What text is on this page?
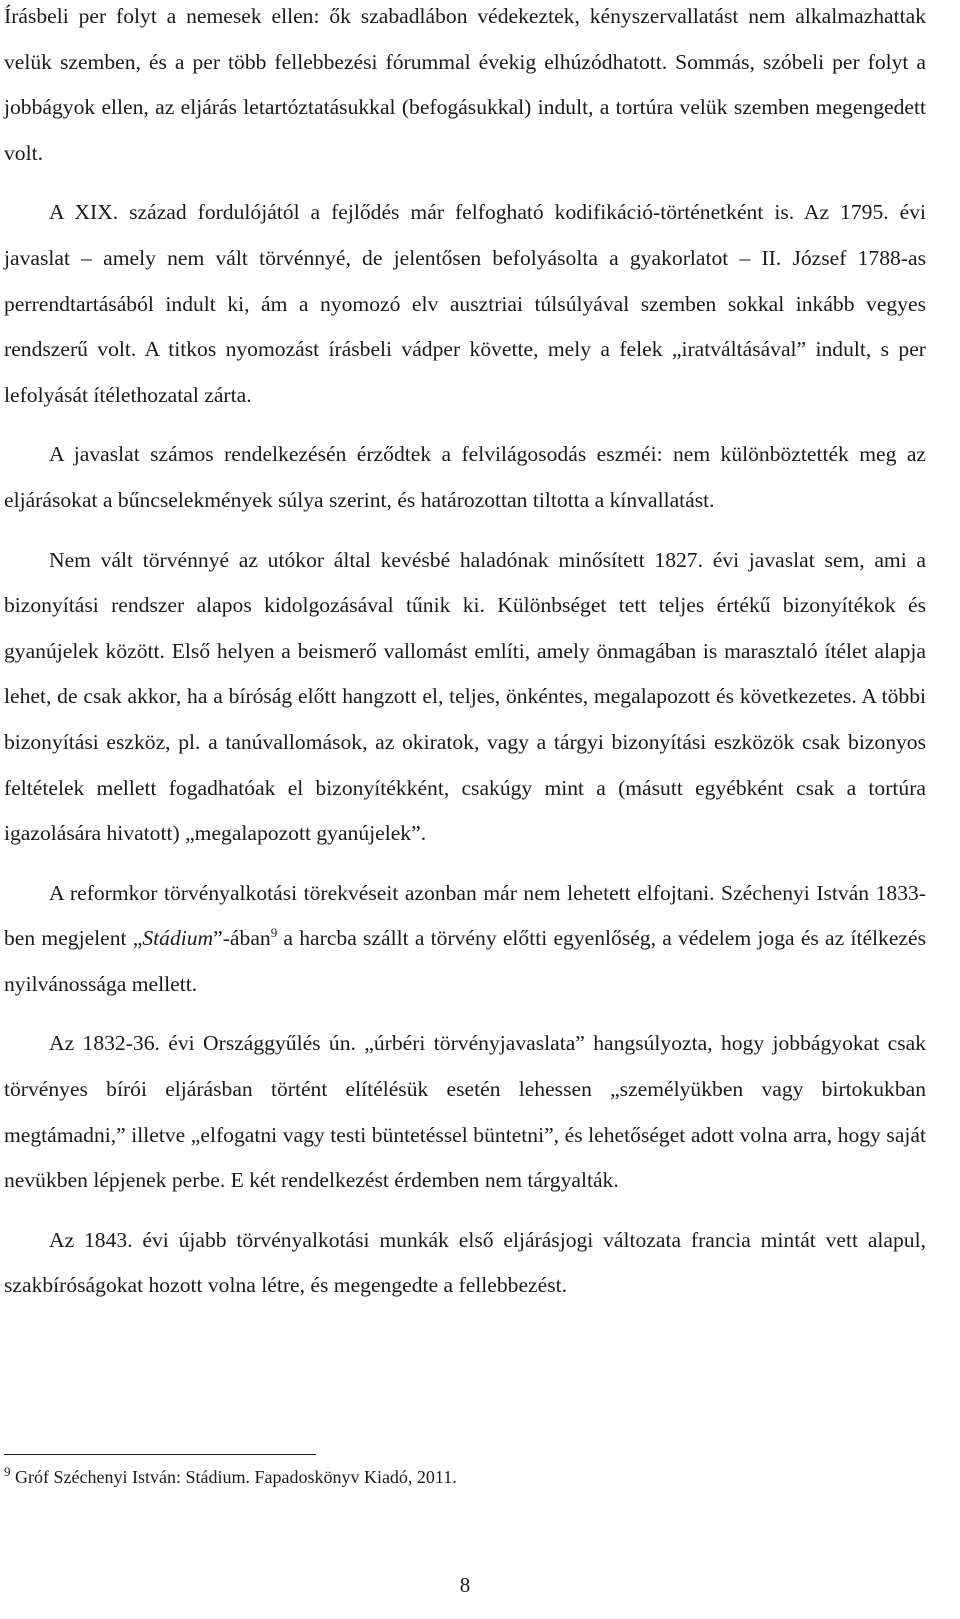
Írásbeli per folyt a nemesek ellen: ők szabadlábon védekeztek, kényszervallatást nem alkalmazhattak velük szemben, és a per több fellebbezési fórummal évekig elhúzódhatott. Sommás, szóbeli per folyt a jobbágyok ellen, az eljárás letartóztatásukkal (befogásukkal) indult, a tortúra velük szemben megengedett volt.

A XIX. század fordulójától a fejlődés már felfogható kodifikáció-történetként is. Az 1795. évi javaslat – amely nem vált törvénnyé, de jelentősen befolyásolta a gyakorlatot – II. József 1788-as perrendtartásából indult ki, ám a nyomozó elv ausztriai túlsúlyával szemben sokkal inkább vegyes rendszerű volt. A titkos nyomozást írásbeli vádper követte, mely a felek „iratváltásával” indult, s per lefolyását ítélethozatal zárta.

A javaslat számos rendelkezésén érződtek a felvilágosodás eszméi: nem különböztették meg az eljárásokat a bűncselekmények súlya szerint, és határozottan tiltotta a kínvallatást.

Nem vált törvénnyé az utókor által kevésbé haladónak minősített 1827. évi javaslat sem, ami a bizonyítási rendszer alapos kidolgozásával tűnik ki. Különbséget tett teljes értékű bizonyítékok és gyanújelek között. Első helyen a beismerő vallomást említi, amely önmagában is marasztaló ítélet alapja lehet, de csak akkor, ha a bíróság előtt hangzott el, teljes, önkéntes, megalapozott és következetes. A többi bizonyítási eszköz, pl. a tanúvallomások, az okiratok, vagy a tárgyi bizonyítási eszközök csak bizonyos feltételek mellett fogadhatóak el bizonyítékként, csakúgy mint a (másutt egyébként csak a tortúra igazolására hivatott) „megalapozott gyanújelek”.

A reformkor törvényalkotási törekvéseit azonban már nem lehetett elfojtani. Széchenyi István 1833-ben megjelent „Stádium”-ában$^9$ a harcba szállt a törvény előtti egyenlőség, a védelem joga és az ítélkezés nyilvánossága mellett.

Az 1832-36. évi Országgyűlés ún. „úrbéri törvényjavaslata” hangsúlyozta, hogy jobbágyokat csak törvényes bírói eljárásban történt elítélésük esetén lehessen „személyükben vagy birtokukban megtámadni,” illetve „elfogatni vagy testi büntetéssel büntetni”, és lehetőséget adott volna arra, hogy saját nevükben lépjenek perbe. E két rendelkezést érdemben nem tárgyalták.

Az 1843. évi újabb törvényalkotási munkák első eljárásjogi változata francia mintát vett alapul, szakbíróságokat hozott volna létre, és megengedte a fellebbezést.

$^9$ Gróf Széchenyi István: Stádium. Fapadoskönyv Kiadó, 2011.
8
